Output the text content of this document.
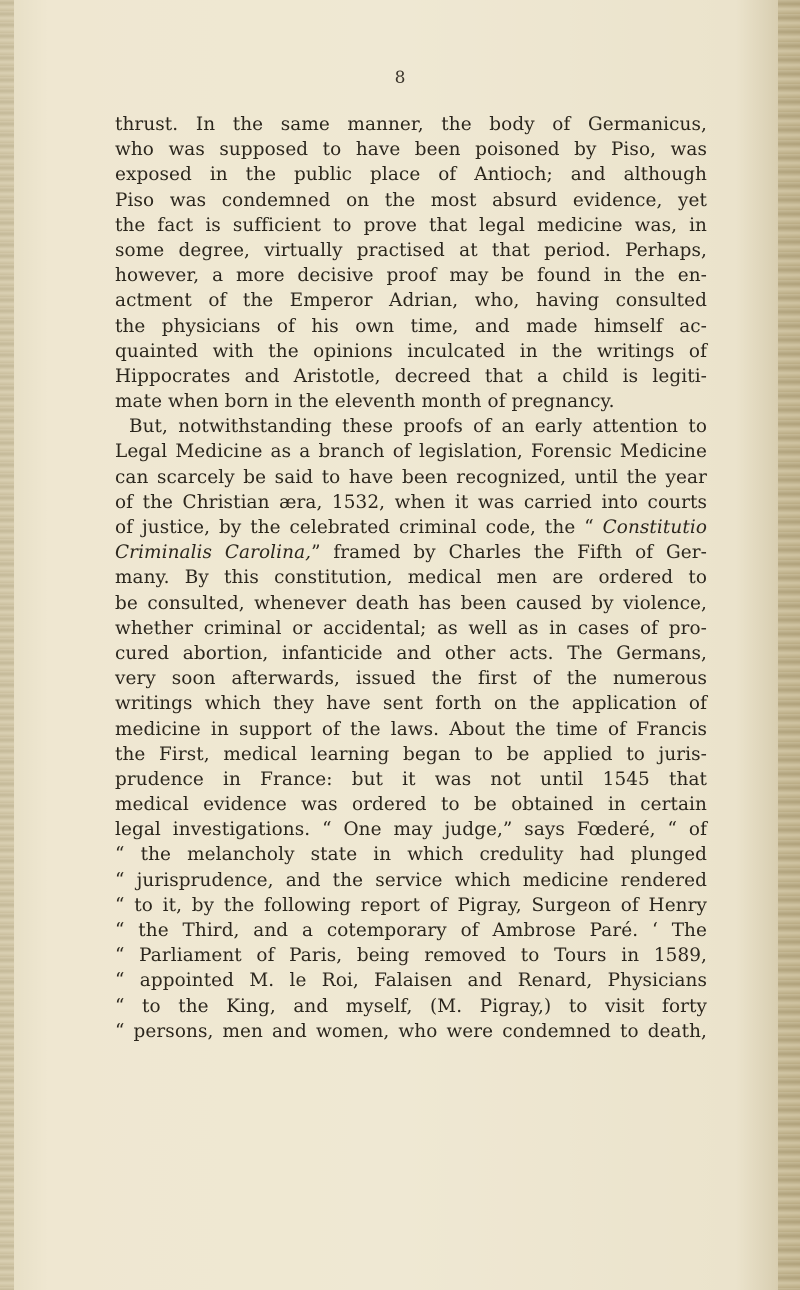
8
thrust. In the same manner, the body of Germanicus,
who was supposed to have been poisoned by Piso, was
exposed in the public place of Antioch; and although
Piso was condemned on the most absurd evidence, yet
the fact is sufficient to prove that legal medicine was, in
some degree, virtually practised at that period. Perhaps,
however, a more decisive proof may be found in the en-
actment of the Emperor Adrian, who, having consulted
the physicians of his own time, and made himself ac-
quainted with the opinions inculcated in the writings of
Hippocrates and Aristotle, decreed that a child is legiti-
mate when born in the eleventh month of pregnancy.
But, notwithstanding these proofs of an early attention to
Legal Medicine as a branch of legislation, Forensic Medicine
can scarcely be said to have been recognized, until the year
of the Christian æra, 1532, when it was carried into courts
of justice, by the celebrated criminal code, the “ Constitutio
Criminalis Carolina,” framed by Charles the Fifth of Ger-
many. By this constitution, medical men are ordered to
be consulted, whenever death has been caused by violence,
whether criminal or accidental; as well as in cases of pro-
cured abortion, infanticide and other acts. The Germans,
very soon afterwards, issued the first of the numerous
writings which they have sent forth on the application of
medicine in support of the laws. About the time of Francis
the First, medical learning began to be applied to juris-
prudence in France: but it was not until 1545 that
medical evidence was ordered to be obtained in certain
legal investigations. “ One may judge,” says Fœderé, “ of
“ the melancholy state in which credulity had plunged
“ jurisprudence, and the service which medicine rendered
“ to it, by the following report of Pigray, Surgeon of Henry
“ the Third, and a cotemporary of Ambrose Paré. ‘ The
“ Parliament of Paris, being removed to Tours in 1589,
“ appointed M. le Roi, Falaisen and Renard, Physicians
“ to the King, and myself, (M. Pigray,) to visit forty
“ persons, men and women, who were condemned to death,
